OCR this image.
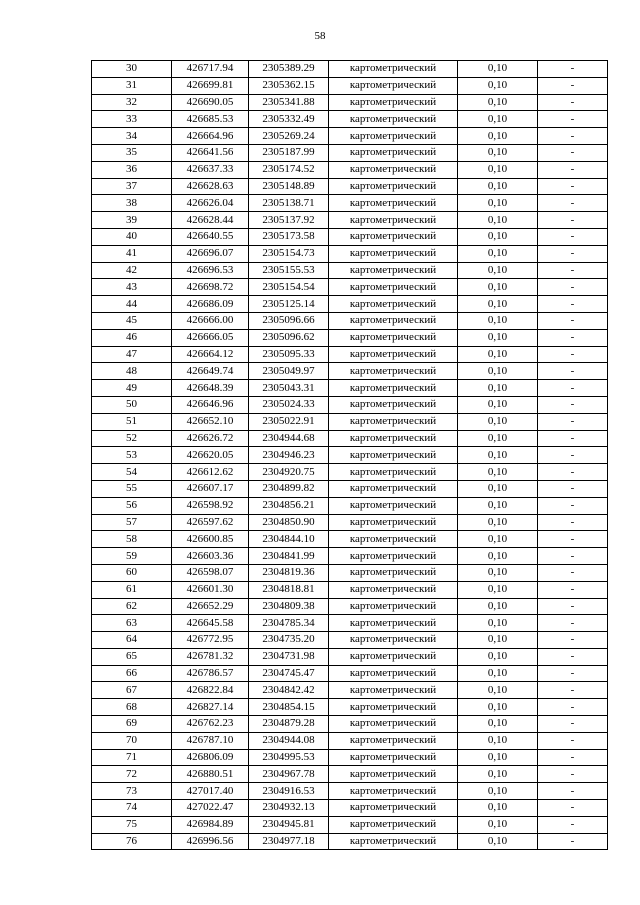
58
30	426717.94	2305389.29	картометрический	0,10	-
31	426699.81	2305362.15	картометрический	0,10	-
32	426690.05	2305341.88	картометрический	0,10	-
33	426685.53	2305332.49	картометрический	0,10	-
34	426664.96	2305269.24	картометрический	0,10	-
35	426641.56	2305187.99	картометрический	0,10	-
36	426637.33	2305174.52	картометрический	0,10	-
37	426628.63	2305148.89	картометрический	0,10	-
38	426626.04	2305138.71	картометрический	0,10	-
39	426628.44	2305137.92	картометрический	0,10	-
40	426640.55	2305173.58	картометрический	0,10	-
41	426696.07	2305154.73	картометрический	0,10	-
42	426696.53	2305155.53	картометрический	0,10	-
43	426698.72	2305154.54	картометрический	0,10	-
44	426686.09	2305125.14	картометрический	0,10	-
45	426666.00	2305096.66	картометрический	0,10	-
46	426666.05	2305096.62	картометрический	0,10	-
47	426664.12	2305095.33	картометрический	0,10	-
48	426649.74	2305049.97	картометрический	0,10	-
49	426648.39	2305043.31	картометрический	0,10	-
50	426646.96	2305024.33	картометрический	0,10	-
51	426652.10	2305022.91	картометрический	0,10	-
52	426626.72	2304944.68	картометрический	0,10	-
53	426620.05	2304946.23	картометрический	0,10	-
54	426612.62	2304920.75	картометрический	0,10	-
55	426607.17	2304899.82	картометрический	0,10	-
56	426598.92	2304856.21	картометрический	0,10	-
57	426597.62	2304850.90	картометрический	0,10	-
58	426600.85	2304844.10	картометрический	0,10	-
59	426603.36	2304841.99	картометрический	0,10	-
60	426598.07	2304819.36	картометрический	0,10	-
61	426601.30	2304818.81	картометрический	0,10	-
62	426652.29	2304809.38	картометрический	0,10	-
63	426645.58	2304785.34	картометрический	0,10	-
64	426772.95	2304735.20	картометрический	0,10	-
65	426781.32	2304731.98	картометрический	0,10	-
66	426786.57	2304745.47	картометрический	0,10	-
67	426822.84	2304842.42	картометрический	0,10	-
68	426827.14	2304854.15	картометрический	0,10	-
69	426762.23	2304879.28	картометрический	0,10	-
70	426787.10	2304944.08	картометрический	0,10	-
71	426806.09	2304995.53	картометрический	0,10	-
72	426880.51	2304967.78	картометрический	0,10	-
73	427017.40	2304916.53	картометрический	0,10	-
74	427022.47	2304932.13	картометрический	0,10	-
75	426984.89	2304945.81	картометрический	0,10	-
76	426996.56	2304977.18	картометрический	0,10	-
